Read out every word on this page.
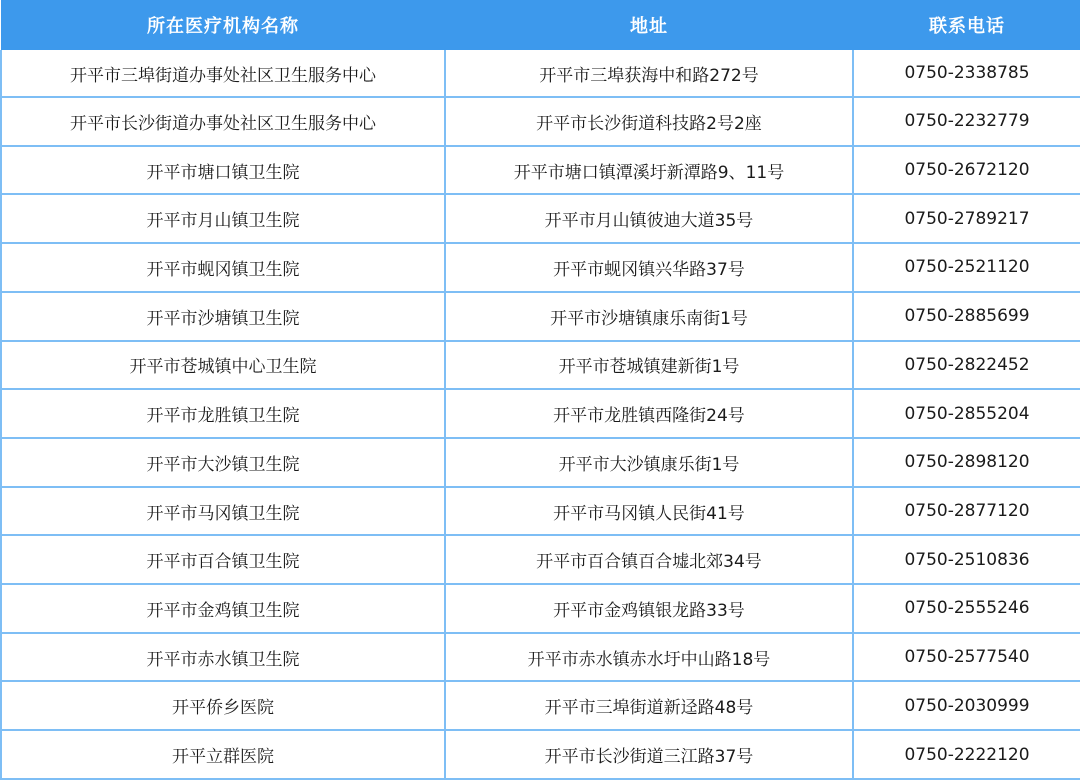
所在医疗机构名称	地址	联系电话
开平市三埠街道办事处社区卫生服务中心	开平市三埠获海中和路272号	0750-2338785
开平市长沙街道办事处社区卫生服务中心	开平市长沙街道科技路2号2座	0750-2232779
开平市塘口镇卫生院	开平市塘口镇潭溪圩新潭路9、11号	0750-2672120
开平市月山镇卫生院	开平市月山镇彼迪大道35号	0750-2789217
开平市蚬冈镇卫生院	开平市蚬冈镇兴华路37号	0750-2521120
开平市沙塘镇卫生院	开平市沙塘镇康乐南街1号	0750-2885699
开平市苍城镇中心卫生院	开平市苍城镇建新街1号	0750-2822452
开平市龙胜镇卫生院	开平市龙胜镇西隆街24号	0750-2855204
开平市大沙镇卫生院	开平市大沙镇康乐街1号	0750-2898120
开平市马冈镇卫生院	开平市马冈镇人民街41号	0750-2877120
开平市百合镇卫生院	开平市百合镇百合墟北郊34号	0750-2510836
开平市金鸡镇卫生院	开平市金鸡镇银龙路33号	0750-2555246
开平市赤水镇卫生院	开平市赤水镇赤水圩中山路18号	0750-2577540
开平侨乡医院	开平市三埠街道新迳路48号	0750-2030999
开平立群医院	开平市长沙街道三江路37号	0750-2222120
